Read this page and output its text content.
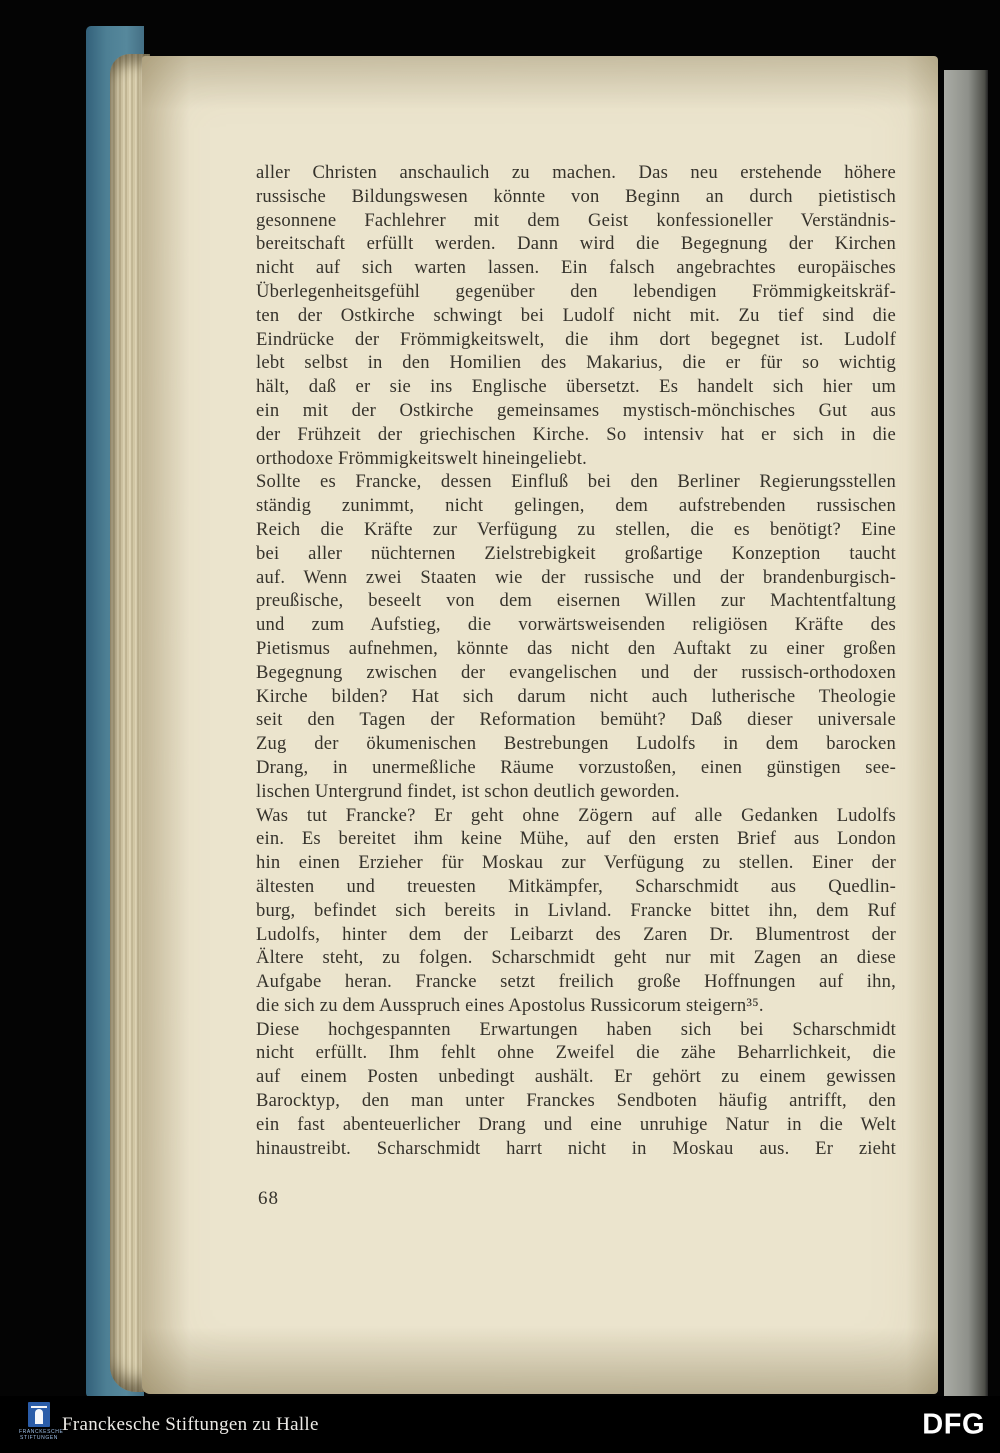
aller Christen anschaulich zu machen. Das neu erstehende höhere
russische Bildungswesen könnte von Beginn an durch pietistisch
gesonnene Fachlehrer mit dem Geist konfessioneller Verständnis-
bereitschaft erfüllt werden. Dann wird die Begegnung der Kirchen
nicht auf sich warten lassen. Ein falsch angebrachtes europäisches
Überlegenheitsgefühl gegenüber den lebendigen Frömmigkeitskräf-
ten der Ostkirche schwingt bei Ludolf nicht mit. Zu tief sind die
Eindrücke der Frömmigkeitswelt, die ihm dort begegnet ist. Ludolf
lebt selbst in den Homilien des Makarius, die er für so wichtig
hält, daß er sie ins Englische übersetzt. Es handelt sich hier um
ein mit der Ostkirche gemeinsames mystisch-mönchisches Gut aus
der Frühzeit der griechischen Kirche. So intensiv hat er sich in die
orthodoxe Frömmigkeitswelt hineingeliebt.
Sollte es Francke, dessen Einfluß bei den Berliner Regierungsstellen
ständig zunimmt, nicht gelingen, dem aufstrebenden russischen
Reich die Kräfte zur Verfügung zu stellen, die es benötigt? Eine
bei aller nüchternen Zielstrebigkeit großartige Konzeption taucht
auf. Wenn zwei Staaten wie der russische und der brandenburgisch-
preußische, beseelt von dem eisernen Willen zur Machtentfaltung
und zum Aufstieg, die vorwärtsweisenden religiösen Kräfte des
Pietismus aufnehmen, könnte das nicht den Auftakt zu einer großen
Begegnung zwischen der evangelischen und der russisch-orthodoxen
Kirche bilden? Hat sich darum nicht auch lutherische Theologie
seit den Tagen der Reformation bemüht? Daß dieser universale
Zug der ökumenischen Bestrebungen Ludolfs in dem barocken
Drang, in unermeßliche Räume vorzustoßen, einen günstigen see-
lischen Untergrund findet, ist schon deutlich geworden.
Was tut Francke? Er geht ohne Zögern auf alle Gedanken Ludolfs
ein. Es bereitet ihm keine Mühe, auf den ersten Brief aus London
hin einen Erzieher für Moskau zur Verfügung zu stellen. Einer der
ältesten und treuesten Mitkämpfer, Scharschmidt aus Quedlin-
burg, befindet sich bereits in Livland. Francke bittet ihn, dem Ruf
Ludolfs, hinter dem der Leibarzt des Zaren Dr. Blumentrost der
Ältere steht, zu folgen. Scharschmidt geht nur mit Zagen an diese
Aufgabe heran. Francke setzt freilich große Hoffnungen auf ihn,
die sich zu dem Ausspruch eines Apostolus Russicorum steigern³⁵.
Diese hochgespannten Erwartungen haben sich bei Scharschmidt
nicht erfüllt. Ihm fehlt ohne Zweifel die zähe Beharrlichkeit, die
auf einem Posten unbedingt aushält. Er gehört zu einem gewissen
Barocktyp, den man unter Franckes Sendboten häufig antrifft, den
ein fast abenteuerlicher Drang und eine unruhige Natur in die Welt
hinaustreibt. Scharschmidt harrt nicht in Moskau aus. Er zieht
68
FRANCKESCHE
STIFTUNGEN
Franckesche Stiftungen zu Halle	DFG
